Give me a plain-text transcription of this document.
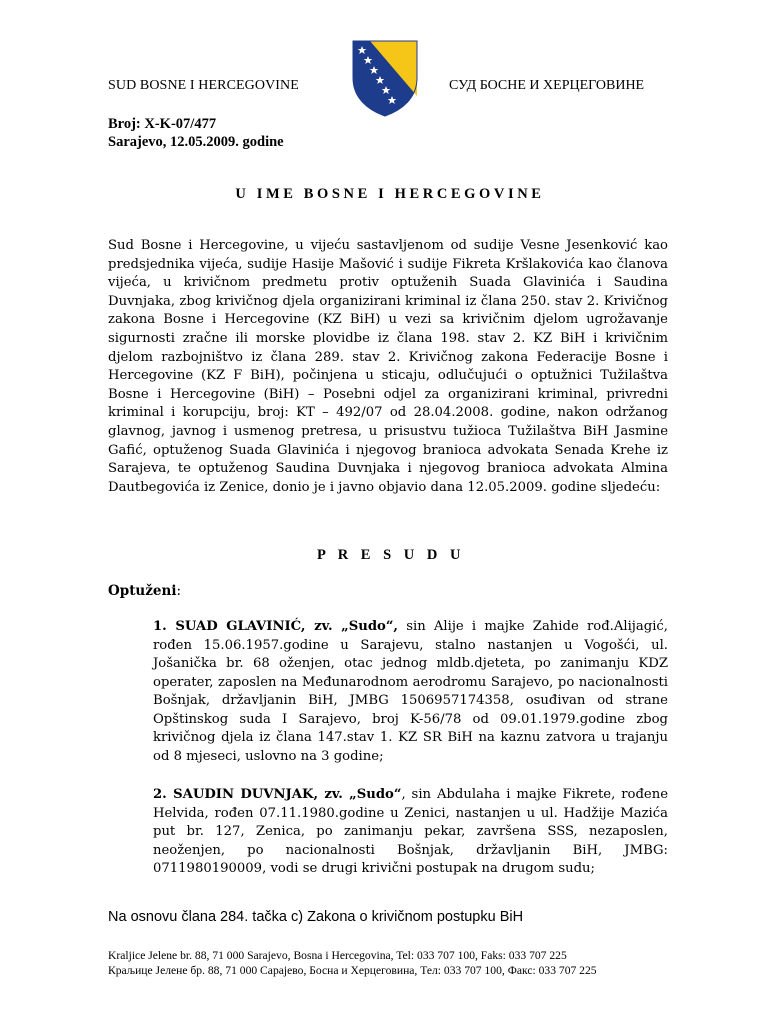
SUD BOSNE I HERCEGOVINE	СУД БОСНЕ И ХЕРЦЕГОВИНЕ
Broj: X-K-07/477
Sarajevo, 12.05.2009. godine
U IME BOSNE I HERCEGOVINE

Sud Bosne i Hercegovine, u vijeću sastavljenom od sudije Vesne Jesenković kao predsjednika vijeća, sudije Hasije Mašović i sudije Fikreta Kršlakovića kao članova vijeća, u krivičnom predmetu protiv optuženih Suada Glavinića i Saudina Duvnjaka, zbog krivičnog djela organizirani kriminal iz člana 250. stav 2. Krivičnog zakona Bosne i Hercegovine (KZ BiH) u vezi sa krivičnim djelom ugrožavanje sigurnosti zračne ili morske plovidbe iz člana 198. stav 2. KZ BiH i krivičnim djelom razbojništvo iz člana 289. stav 2. Krivičnog zakona Federacije Bosne i Hercegovine (KZ F BiH), počinjena u sticaju, odlučujući o optužnici Tužilaštva Bosne i Hercegovine (BiH) – Posebni odjel za organizirani kriminal, privredni kriminal i korupciju, broj: KT – 492/07 od 28.04.2008. godine, nakon održanog glavnog, javnog i usmenog pretresa, u prisustvu tužioca Tužilaštva BiH Jasmine Gafić, optuženog Suada Glavinića i njegovog branioca advokata Senada Krehe iz Sarajeva, te optuženog Saudina Duvnjaka i njegovog branioca advokata Almina Dautbegovića iz Zenice, donio je i javno objavio dana 12.05.2009. godine sljedeću:

P R E S U D U
Optuženi:
1. SUAD GLAVINIĆ, zv. „Sudo“, sin Alije i majke Zahide rođ.Alijagić, rođen 15.06.1957.godine u Sarajevu, stalno nastanjen u Vogošći, ul. Jošanička br. 68 oženjen, otac jednog mldb.djeteta, po zanimanju KDZ operater, zaposlen na Međunarodnom aerodromu Sarajevo, po nacionalnosti Bošnjak, državljanin BiH, JMBG 1506957174358, osuđivan od strane Opštinskog suda I Sarajevo, broj K-56/78 od 09.01.1979.godine zbog krivičnog djela iz člana 147.stav 1. KZ SR BiH na kaznu zatvora u trajanju od 8 mjeseci, uslovno na 3 godine;
2. SAUDIN DUVNJAK, zv. „Sudo“, sin Abdulaha i majke Fikrete, rođene Helvida, rođen 07.11.1980.godine u Zenici, nastanjen u ul. Hadžije Mazića put br. 127, Zenica, po zanimanju pekar, završena SSS, nezaposlen, neoženjen, po nacionalnosti Bošnjak, državljanin BiH, JMBG: 0711980190009, vodi se drugi krivični postupak na drugom sudu;
Na osnovu člana 284. tačka c) Zakona o krivičnom postupku BiH
Kraljice Jelene br. 88, 71 000 Sarajevo, Bosna i Hercegovina, Tel: 033 707 100, Faks: 033 707 225
Краљице Јелене бр. 88, 71 000 Сарајево, Босна и Херцеговина, Тел: 033 707 100, Факс: 033 707 225
